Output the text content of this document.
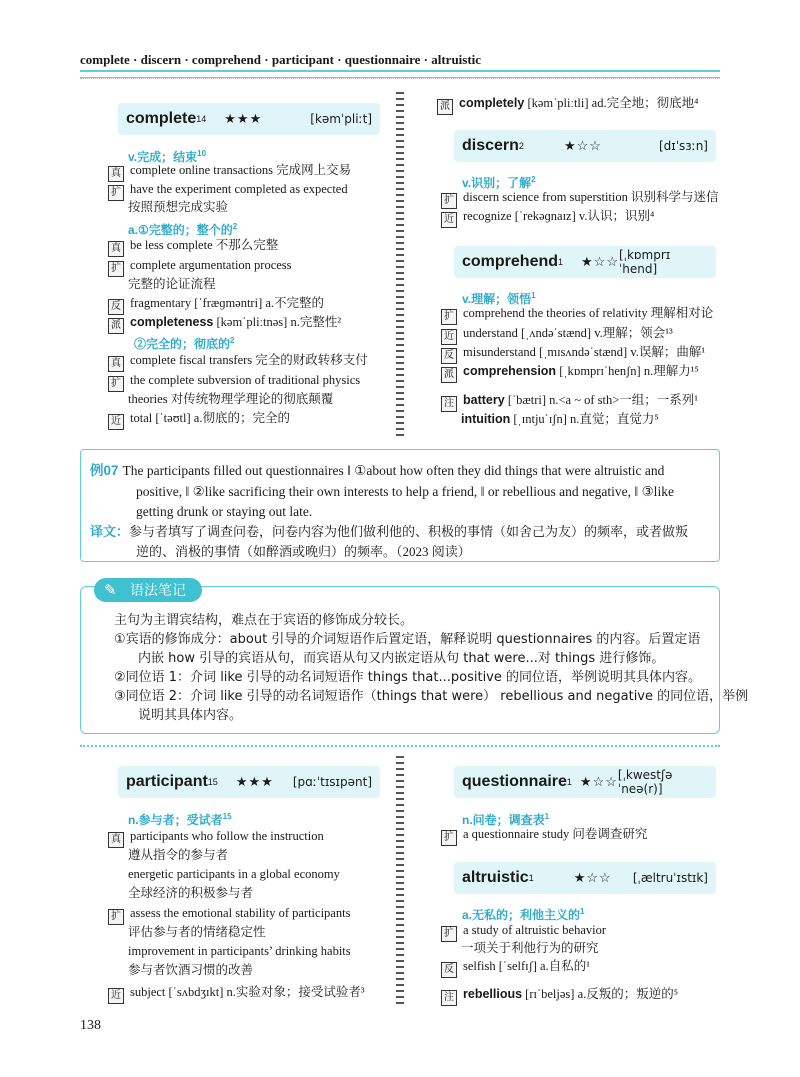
complete · discern · comprehend · participant · questionnaire · altruistic
complete 14 ★★★	[kəmˈpliːt]
v.完成；结束$^{10}$
真 complete online transactions 完成网上交易
扩 have the experiment completed as expected
按照预想完成实验
a.①完整的；整个的$^2$
真 be less complete 不那么完整
扩 complete argumentation process
完整的论证流程
反 fragmentary [ˈfræɡməntri] a.不完整的
派 completeness [kəmˈpliːtnəs] n.完整性²
②完全的；彻底的$^2$
真 complete fiscal transfers 完全的财政转移支付
扩 the complete subversion of traditional physics
theories 对传统物理学理论的彻底颠覆
近 total [ˈtəʊtl] a.彻底的；完全的
派 completely [kəmˈpliːtli] ad.完全地；彻底地⁴
discern 2	★☆☆	[dɪˈsɜːn]
v.识别；了解$^2$
扩 discern science from superstition 识别科学与迷信
近 recognize [ˈrekəɡnaɪz] v.认识；识别⁴
comprehend 1 ★☆☆ [ˌkɒmprɪˈhend]
v.理解；领悟$^1$
扩 comprehend the theories of relativity 理解相对论
近 understand [ˌʌndəˈstænd] v.理解；领会¹³
反 misunderstand [ˌmɪsʌndəˈstænd] v.误解；曲解¹
派 comprehension [ˌkɒmprɪˈhenʃn] n.理解力¹⁵
注 battery [ˈbætri] n.<a ~ of sth>一组；一系列¹
intuition [ˌɪntjuˈɪʃn] n.直觉；直觉力⁵
例07 The participants filled out questionnaires ‖ ①about how often they did things that were altruistic and
positive, ‖ ②like sacrificing their own interests to help a friend, ‖ or rebellious and negative, ‖ ③like
getting drunk or staying out late.
译文：参与者填写了调查问卷，问卷内容为他们做利他的、积极的事情（如舍己为友）的频率，或者做叛
逆的、消极的事情（如醉酒或晚归）的频率。（2023 阅读）
✎ 语法笔记
主句为主谓宾结构，难点在于宾语的修饰成分较长。
①宾语的修饰成分：about 引导的介词短语作后置定语，解释说明 questionnaires 的内容。后置定语
内嵌 how 引导的宾语从句，而宾语从句又内嵌定语从句 that were...对 things 进行修饰。
②同位语 1：介词 like 引导的动名词短语作 things that...positive 的同位语，举例说明其具体内容。
③同位语 2：介词 like 引导的动名词短语作（things that were） rebellious and negative 的同位语，举例
说明其具体内容。
participant 15 ★★★ [pɑːˈtɪsɪpənt]
n.参与者；受试者$^{15}$
真 participants who follow the instruction
遵从指令的参与者
energetic participants in a global economy
全球经济的积极参与者
扩 assess the emotional stability of participants
评估参与者的情绪稳定性
improvement in participants’ drinking habits
参与者饮酒习惯的改善
近 subject [ˈsʌbdʒɪkt] n.实验对象；接受试验者³
questionnaire 1 ★☆☆ [ˌkwestʃəˈneə(r)]
n.问卷；调查表$^1$
扩 a questionnaire study 问卷调查研究
altruistic 1	★☆☆ [ˌæltruˈɪstɪk]
a.无私的；利他主义的$^1$
扩 a study of altruistic behavior
一项关于利他行为的研究
反 selfish [ˈselfɪʃ] a.自私的¹
注 rebellious [rɪˈbeljəs] a.反叛的；叛逆的⁵
138
